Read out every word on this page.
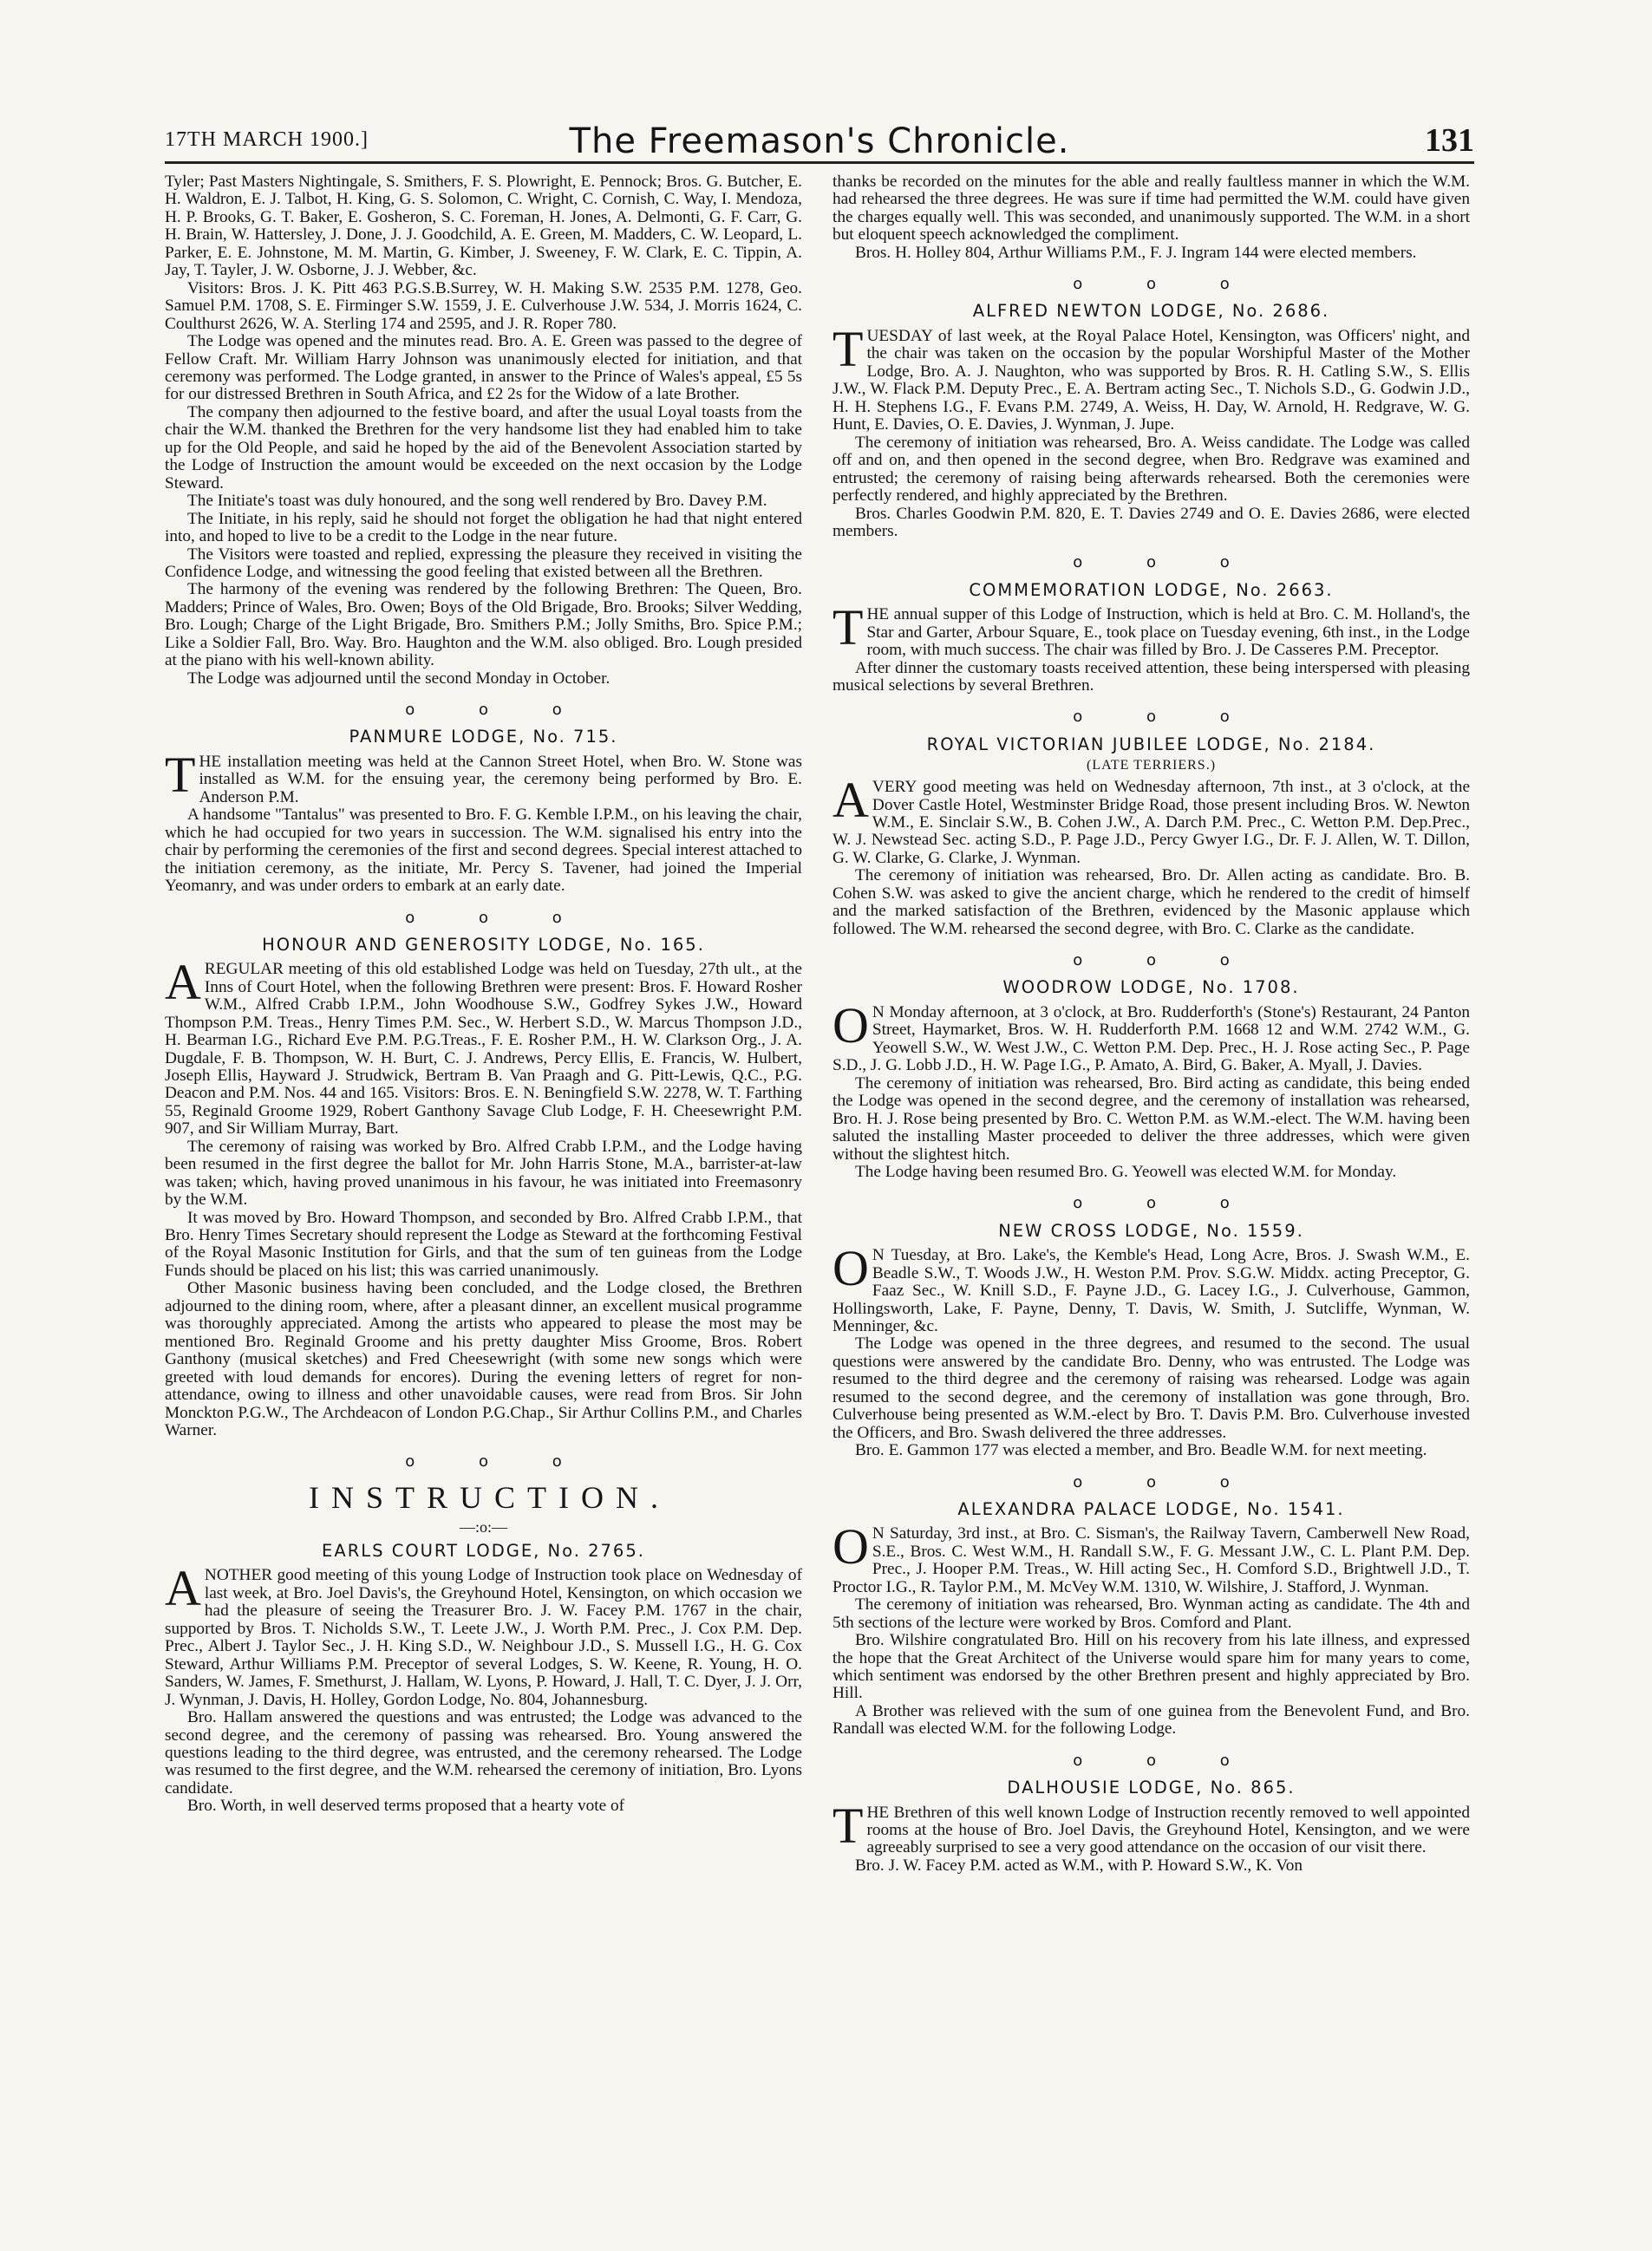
17TH MARCH 1900.]	The Freemason's Chronicle.	131

Tyler; Past Masters Nightingale, S. Smithers, F. S. Plowright, E. Pennock; Bros. G. Butcher, E. H. Waldron, E. J. Talbot, H. King, G. S. Solomon, C. Wright, C. Cornish, C. Way, I. Mendoza, H. P. Brooks, G. T. Baker, E. Gosheron, S. C. Foreman, H. Jones, A. Delmonti, G. F. Carr, G. H. Brain, W. Hattersley, J. Done, J. J. Goodchild, A. E. Green, M. Madders, C. W. Leopard, L. Parker, E. E. Johnstone, M. M. Martin, G. Kimber, J. Sweeney, F. W. Clark, E. C. Tippin, A. Jay, T. Tayler, J. W. Osborne, J. J. Webber, &c.

Visitors: Bros. J. K. Pitt 463 P.G.S.B.Surrey, W. H. Making S.W. 2535 P.M. 1278, Geo. Samuel P.M. 1708, S. E. Firminger S.W. 1559, J. E. Culverhouse J.W. 534, J. Morris 1624, C. Coulthurst 2626, W. A. Sterling 174 and 2595, and J. R. Roper 780.

The Lodge was opened and the minutes read. Bro. A. E. Green was passed to the degree of Fellow Craft. Mr. William Harry Johnson was unanimously elected for initiation, and that ceremony was performed. The Lodge granted, in answer to the Prince of Wales's appeal, £5 5s for our distressed Brethren in South Africa, and £2 2s for the Widow of a late Brother.

The company then adjourned to the festive board, and after the usual Loyal toasts from the chair the W.M. thanked the Brethren for the very handsome list they had enabled him to take up for the Old People, and said he hoped by the aid of the Benevolent Association started by the Lodge of Instruction the amount would be exceeded on the next occasion by the Lodge Steward.

The Initiate's toast was duly honoured, and the song well rendered by Bro. Davey P.M.

The Initiate, in his reply, said he should not forget the obligation he had that night entered into, and hoped to live to be a credit to the Lodge in the near future.

The Visitors were toasted and replied, expressing the pleasure they received in visiting the Confidence Lodge, and witnessing the good feeling that existed between all the Brethren.

The harmony of the evening was rendered by the following Brethren: The Queen, Bro. Madders; Prince of Wales, Bro. Owen; Boys of the Old Brigade, Bro. Brooks; Silver Wedding, Bro. Lough; Charge of the Light Brigade, Bro. Smithers P.M.; Jolly Smiths, Bro. Spice P.M.; Like a Soldier Fall, Bro. Way. Bro. Haughton and the W.M. also obliged. Bro. Lough presided at the piano with his well-known ability.

The Lodge was adjourned until the second Monday in October.

o o o
PANMURE LODGE, No. 715.

THE installation meeting was held at the Cannon Street Hotel, when Bro. W. Stone was installed as W.M. for the ensuing year, the ceremony being performed by Bro. E. Anderson P.M.

A handsome "Tantalus" was presented to Bro. F. G. Kemble I.P.M., on his leaving the chair, which he had occupied for two years in succession. The W.M. signalised his entry into the chair by performing the ceremonies of the first and second degrees. Special interest attached to the initiation ceremony, as the initiate, Mr. Percy S. Tavener, had joined the Imperial Yeomanry, and was under orders to embark at an early date.

o o o
HONOUR AND GENEROSITY LODGE, No. 165.

AREGULAR meeting of this old established Lodge was held on Tuesday, 27th ult., at the Inns of Court Hotel, when the following Brethren were present: Bros. F. Howard Rosher W.M., Alfred Crabb I.P.M., John Woodhouse S.W., Godfrey Sykes J.W., Howard Thompson P.M. Treas., Henry Times P.M. Sec., W. Herbert S.D., W. Marcus Thompson J.D., H. Bearman I.G., Richard Eve P.M. P.G.Treas., F. E. Rosher P.M., H. W. Clarkson Org., J. A. Dugdale, F. B. Thompson, W. H. Burt, C. J. Andrews, Percy Ellis, E. Francis, W. Hulbert, Joseph Ellis, Hayward J. Strudwick, Bertram B. Van Praagh and G. Pitt-Lewis, Q.C., P.G. Deacon and P.M. Nos. 44 and 165. Visitors: Bros. E. N. Beningfield S.W. 2278, W. T. Farthing 55, Reginald Groome 1929, Robert Ganthony Savage Club Lodge, F. H. Cheesewright P.M. 907, and Sir William Murray, Bart.

The ceremony of raising was worked by Bro. Alfred Crabb I.P.M., and the Lodge having been resumed in the first degree the ballot for Mr. John Harris Stone, M.A., barrister-at-law was taken; which, having proved unanimous in his favour, he was initiated into Freemasonry by the W.M.

It was moved by Bro. Howard Thompson, and seconded by Bro. Alfred Crabb I.P.M., that Bro. Henry Times Secretary should represent the Lodge as Steward at the forthcoming Festival of the Royal Masonic Institution for Girls, and that the sum of ten guineas from the Lodge Funds should be placed on his list; this was carried unanimously.

Other Masonic business having been concluded, and the Lodge closed, the Brethren adjourned to the dining room, where, after a pleasant dinner, an excellent musical programme was thoroughly appreciated. Among the artists who appeared to please the most may be mentioned Bro. Reginald Groome and his pretty daughter Miss Groome, Bros. Robert Ganthony (musical sketches) and Fred Cheesewright (with some new songs which were greeted with loud demands for encores). During the evening letters of regret for non-attendance, owing to illness and other unavoidable causes, were read from Bros. Sir John Monckton P.G.W., The Archdeacon of London P.G.Chap., Sir Arthur Collins P.M., and Charles Warner.

o o o
INSTRUCTION.
—:o:—
EARLS COURT LODGE, No. 2765.

ANOTHER good meeting of this young Lodge of Instruction took place on Wednesday of last week, at Bro. Joel Davis's, the Greyhound Hotel, Kensington, on which occasion we had the pleasure of seeing the Treasurer Bro. J. W. Facey P.M. 1767 in the chair, supported by Bros. T. Nicholds S.W., T. Leete J.W., J. Worth P.M. Prec., J. Cox P.M. Dep. Prec., Albert J. Taylor Sec., J. H. King S.D., W. Neighbour J.D., S. Mussell I.G., H. G. Cox Steward, Arthur Williams P.M. Preceptor of several Lodges, S. W. Keene, R. Young, H. O. Sanders, W. James, F. Smethurst, J. Hallam, W. Lyons, P. Howard, J. Hall, T. C. Dyer, J. J. Orr, J. Wynman, J. Davis, H. Holley, Gordon Lodge, No. 804, Johannesburg.

Bro. Hallam answered the questions and was entrusted; the Lodge was advanced to the second degree, and the ceremony of passing was rehearsed. Bro. Young answered the questions leading to the third degree, was entrusted, and the ceremony rehearsed. The Lodge was resumed to the first degree, and the W.M. rehearsed the ceremony of initiation, Bro. Lyons candidate.

Bro. Worth, in well deserved terms proposed that a hearty vote of

thanks be recorded on the minutes for the able and really faultless manner in which the W.M. had rehearsed the three degrees. He was sure if time had permitted the W.M. could have given the charges equally well. This was seconded, and unanimously supported. The W.M. in a short but eloquent speech acknowledged the compliment.

Bros. H. Holley 804, Arthur Williams P.M., F. J. Ingram 144 were elected members.

o o o
ALFRED NEWTON LODGE, No. 2686.

TUESDAY of last week, at the Royal Palace Hotel, Kensington, was Officers' night, and the chair was taken on the occasion by the popular Worshipful Master of the Mother Lodge, Bro. A. J. Naughton, who was supported by Bros. R. H. Catling S.W., S. Ellis J.W., W. Flack P.M. Deputy Prec., E. A. Bertram acting Sec., T. Nichols S.D., G. Godwin J.D., H. H. Stephens I.G., F. Evans P.M. 2749, A. Weiss, H. Day, W. Arnold, H. Redgrave, W. G. Hunt, E. Davies, O. E. Davies, J. Wynman, J. Jupe.

The ceremony of initiation was rehearsed, Bro. A. Weiss candidate. The Lodge was called off and on, and then opened in the second degree, when Bro. Redgrave was examined and entrusted; the ceremony of raising being afterwards rehearsed. Both the ceremonies were perfectly rendered, and highly appreciated by the Brethren.

Bros. Charles Goodwin P.M. 820, E. T. Davies 2749 and O. E. Davies 2686, were elected members.

o o o
COMMEMORATION LODGE, No. 2663.

THE annual supper of this Lodge of Instruction, which is held at Bro. C. M. Holland's, the Star and Garter, Arbour Square, E., took place on Tuesday evening, 6th inst., in the Lodge room, with much success. The chair was filled by Bro. J. De Casseres P.M. Preceptor.

After dinner the customary toasts received attention, these being interspersed with pleasing musical selections by several Brethren.

o o o
ROYAL VICTORIAN JUBILEE LODGE, No. 2184.
(LATE TERRIERS.)

AVERY good meeting was held on Wednesday afternoon, 7th inst., at 3 o'clock, at the Dover Castle Hotel, Westminster Bridge Road, those present including Bros. W. Newton W.M., E. Sinclair S.W., B. Cohen J.W., A. Darch P.M. Prec., C. Wetton P.M. Dep.Prec., W. J. Newstead Sec. acting S.D., P. Page J.D., Percy Gwyer I.G., Dr. F. J. Allen, W. T. Dillon, G. W. Clarke, G. Clarke, J. Wynman.

The ceremony of initiation was rehearsed, Bro. Dr. Allen acting as candidate. Bro. B. Cohen S.W. was asked to give the ancient charge, which he rendered to the credit of himself and the marked satisfaction of the Brethren, evidenced by the Masonic applause which followed. The W.M. rehearsed the second degree, with Bro. C. Clarke as the candidate.

o o o
WOODROW LODGE, No. 1708.

O N Monday afternoon, at 3 o'clock, at Bro. Rudderforth's (Stone's) Restaurant, 24 Panton Street, Haymarket, Bros. W. H. Rudderforth P.M. 1668 12 and W.M. 2742 W.M., G. Yeowell S.W., W. West J.W., C. Wetton P.M. Dep. Prec., H. J. Rose acting Sec., P. Page S.D., J. G. Lobb J.D., H. W. Page I.G., P. Amato, A. Bird, G. Baker, A. Myall, J. Davies.

The ceremony of initiation was rehearsed, Bro. Bird acting as candidate, this being ended the Lodge was opened in the second degree, and the ceremony of installation was rehearsed, Bro. H. J. Rose being presented by Bro. C. Wetton P.M. as W.M.-elect. The W.M. having been saluted the installing Master proceeded to deliver the three addresses, which were given without the slightest hitch.

The Lodge having been resumed Bro. G. Yeowell was elected W.M. for Monday.

o o o
NEW CROSS LODGE, No. 1559.

O N Tuesday, at Bro. Lake's, the Kemble's Head, Long Acre, Bros. J. Swash W.M., E. Beadle S.W., T. Woods J.W., H. Weston P.M. Prov. S.G.W. Middx. acting Preceptor, G. Faaz Sec., W. Knill S.D., F. Payne J.D., G. Lacey I.G., J. Culverhouse, Gammon, Hollingsworth, Lake, F. Payne, Denny, T. Davis, W. Smith, J. Sutcliffe, Wynman, W. Menninger, &c.

The Lodge was opened in the three degrees, and resumed to the second. The usual questions were answered by the candidate Bro. Denny, who was entrusted. The Lodge was resumed to the third degree and the ceremony of raising was rehearsed. Lodge was again resumed to the second degree, and the ceremony of installation was gone through, Bro. Culverhouse being presented as W.M.-elect by Bro. T. Davis P.M. Bro. Culverhouse invested the Officers, and Bro. Swash delivered the three addresses.

Bro. E. Gammon 177 was elected a member, and Bro. Beadle W.M. for next meeting.

o o o
ALEXANDRA PALACE LODGE, No. 1541.

O N Saturday, 3rd inst., at Bro. C. Sisman's, the Railway Tavern, Camberwell New Road, S.E., Bros. C. West W.M., H. Randall S.W., F. G. Messant J.W., C. L. Plant P.M. Dep. Prec., J. Hooper P.M. Treas., W. Hill acting Sec., H. Comford S.D., Brightwell J.D., T. Proctor I.G., R. Taylor P.M., M. McVey W.M. 1310, W. Wilshire, J. Stafford, J. Wynman.

The ceremony of initiation was rehearsed, Bro. Wynman acting as candidate. The 4th and 5th sections of the lecture were worked by Bros. Comford and Plant.

Bro. Wilshire congratulated Bro. Hill on his recovery from his late illness, and expressed the hope that the Great Architect of the Universe would spare him for many years to come, which sentiment was endorsed by the other Brethren present and highly appreciated by Bro. Hill.

A Brother was relieved with the sum of one guinea from the Benevolent Fund, and Bro. Randall was elected W.M. for the following Lodge.

o o o
DALHOUSIE LODGE, No. 865.

THE Brethren of this well known Lodge of Instruction recently removed to well appointed rooms at the house of Bro. Joel Davis, the Greyhound Hotel, Kensington, and we were agreeably surprised to see a very good attendance on the occasion of our visit there.

Bro. J. W. Facey P.M. acted as W.M., with P. Howard S.W., K. Von
